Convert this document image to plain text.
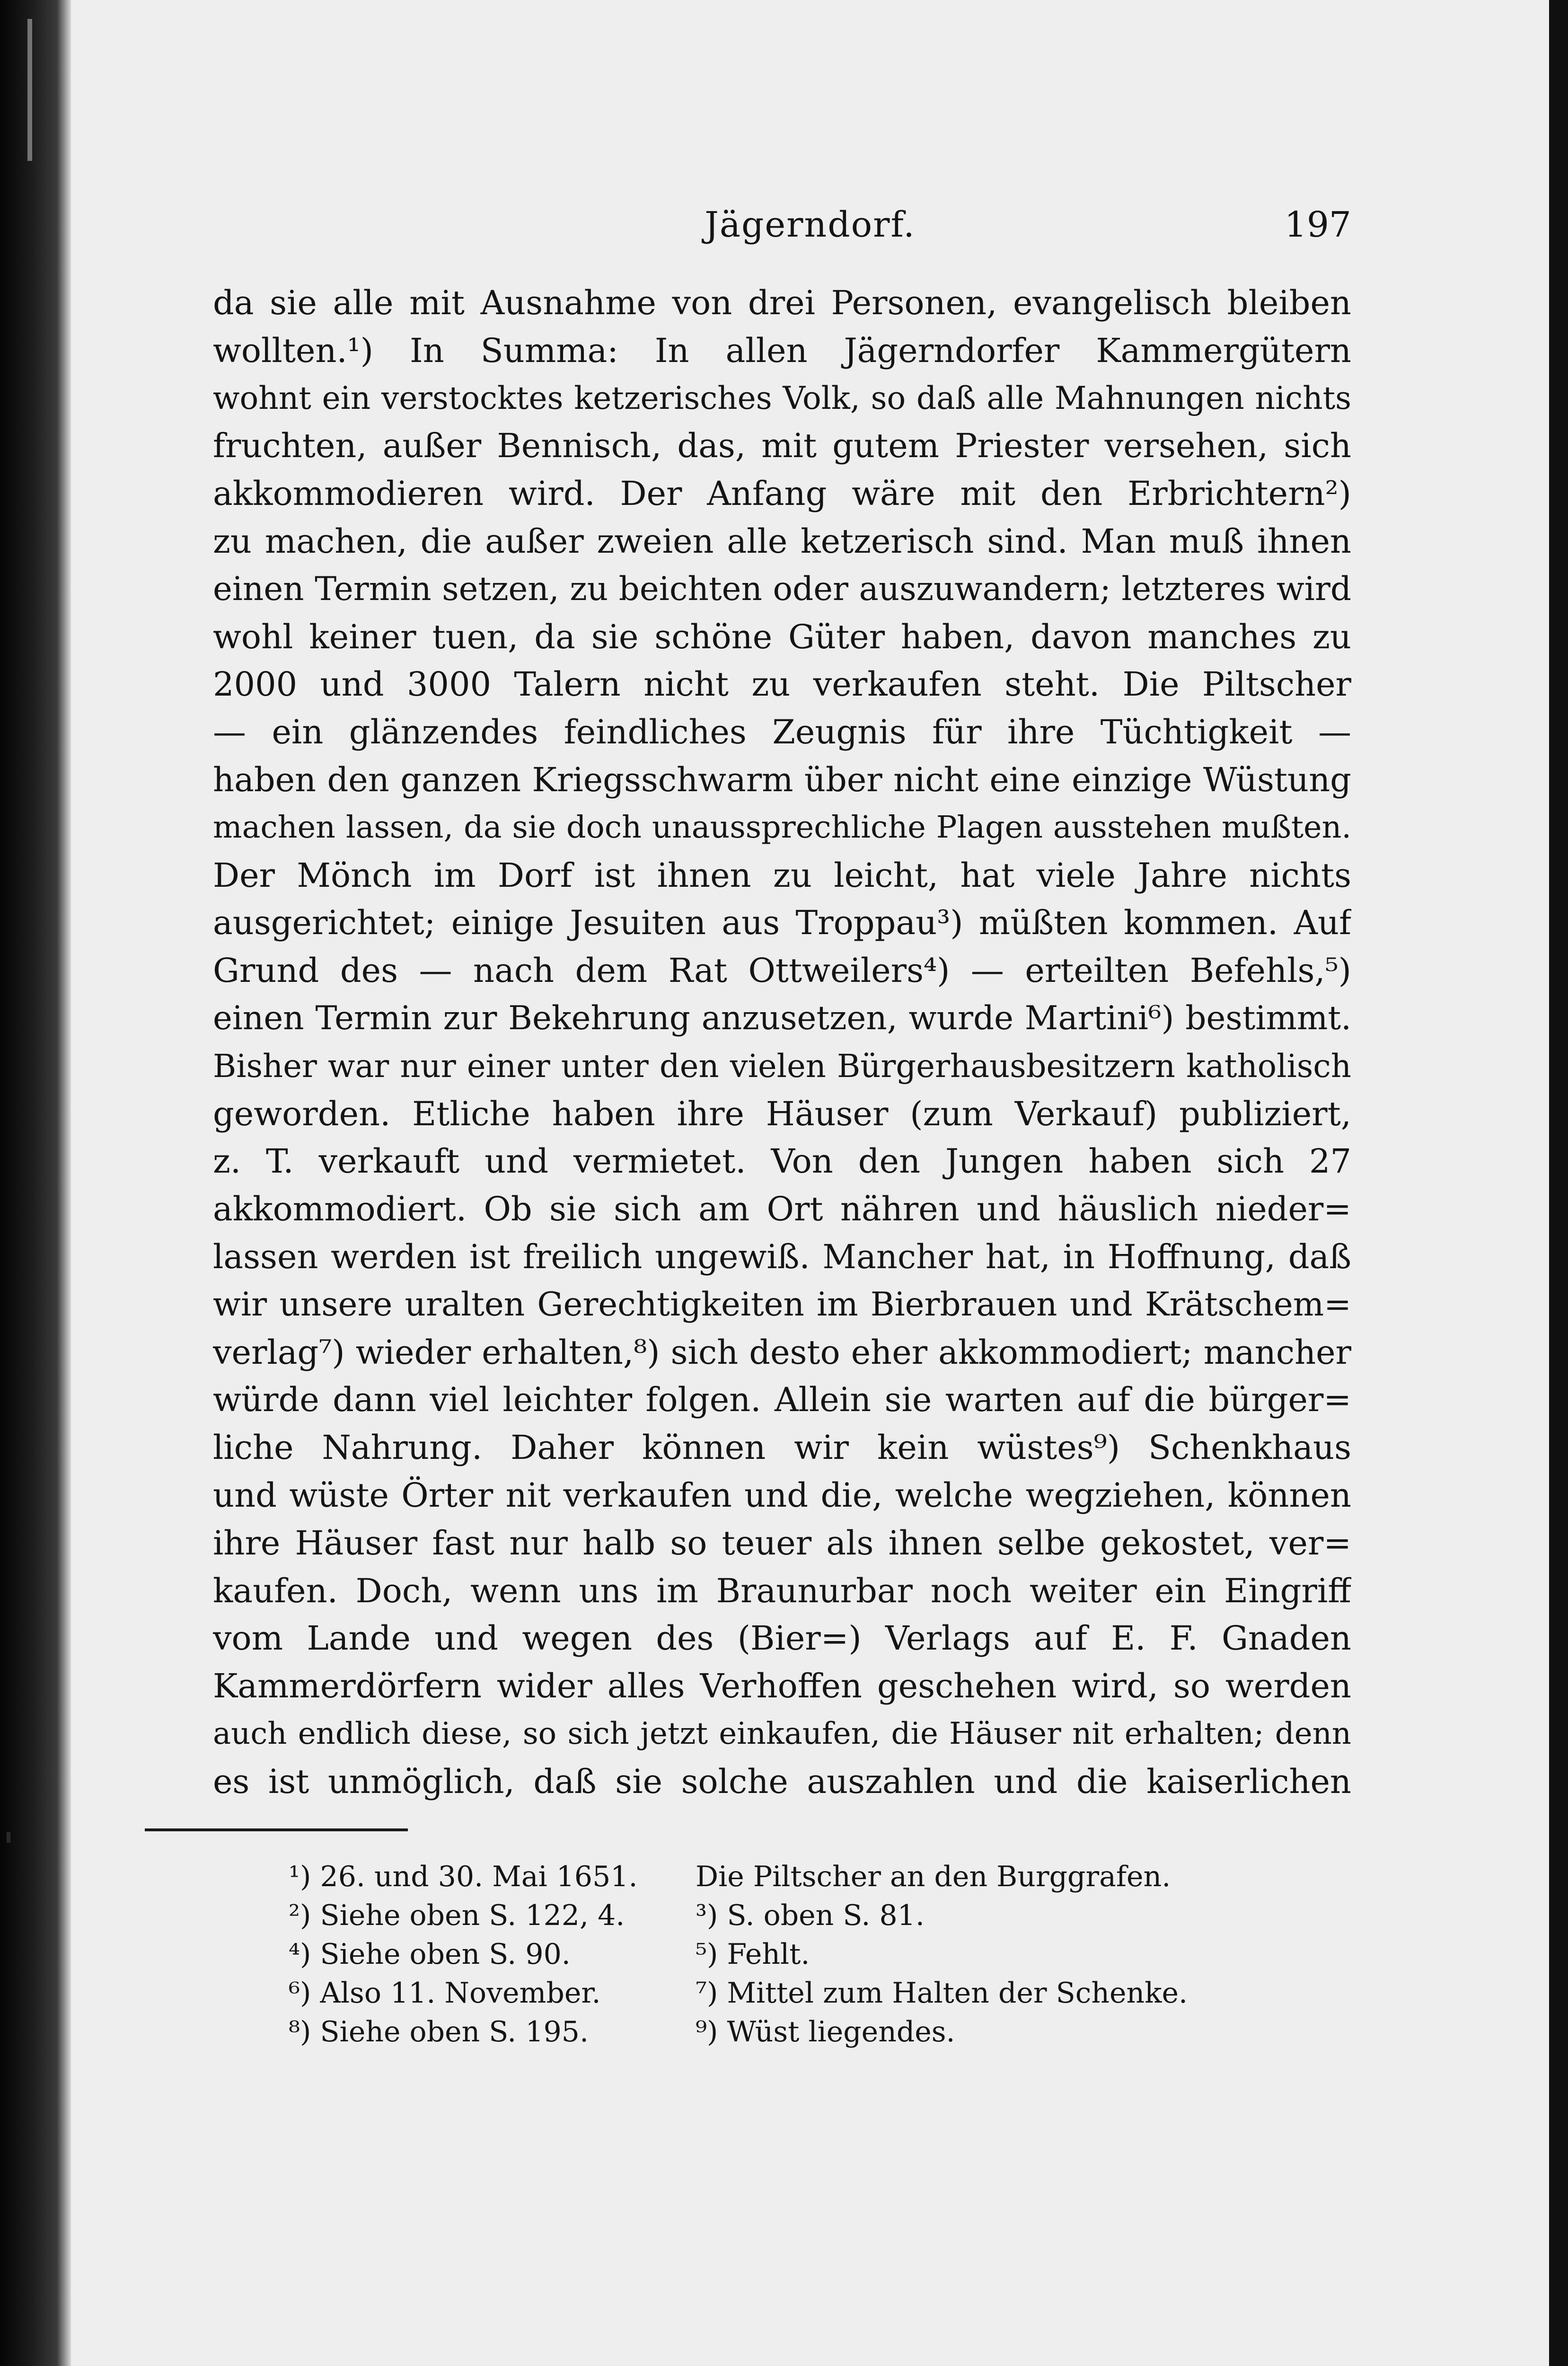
Jägerndorf.	197
da sie alle mit Ausnahme von drei Personen, evangelisch bleiben
wollten.¹) In Summa: In allen Jägerndorfer Kammergütern
wohnt ein verstocktes ketzerisches Volk, so daß alle Mahnungen nichts
fruchten, außer Bennisch, das, mit gutem Priester versehen, sich
akkommodieren wird. Der Anfang wäre mit den Erbrichtern²)
zu machen, die außer zweien alle ketzerisch sind. Man muß ihnen
einen Termin setzen, zu beichten oder auszuwandern; letzteres wird
wohl keiner tuen, da sie schöne Güter haben, davon manches zu
2000 und 3000 Talern nicht zu verkaufen steht. Die Piltscher
— ein glänzendes feindliches Zeugnis für ihre Tüchtigkeit —
haben den ganzen Kriegsschwarm über nicht eine einzige Wüstung
machen lassen, da sie doch unaussprechliche Plagen ausstehen mußten.
Der Mönch im Dorf ist ihnen zu leicht, hat viele Jahre nichts
ausgerichtet; einige Jesuiten aus Troppau³) müßten kommen. Auf
Grund des — nach dem Rat Ottweilers⁴) — erteilten Befehls,⁵)
einen Termin zur Bekehrung anzusetzen, wurde Martini⁶) bestimmt.
Bisher war nur einer unter den vielen Bürgerhausbesitzern katholisch
geworden. Etliche haben ihre Häuser (zum Verkauf) publiziert,
z. T. verkauft und vermietet. Von den Jungen haben sich 27
akkommodiert. Ob sie sich am Ort nähren und häuslich nieder=
lassen werden ist freilich ungewiß. Mancher hat, in Hoffnung, daß
wir unsere uralten Gerechtigkeiten im Bierbrauen und Krätschem=
verlag⁷) wieder erhalten,⁸) sich desto eher akkommodiert; mancher
würde dann viel leichter folgen. Allein sie warten auf die bürger=
liche Nahrung. Daher können wir kein wüstes⁹) Schenkhaus
und wüste Örter nit verkaufen und die, welche wegziehen, können
ihre Häuser fast nur halb so teuer als ihnen selbe gekostet, ver=
kaufen. Doch, wenn uns im Braunurbar noch weiter ein Eingriff
vom Lande und wegen des (Bier=) Verlags auf E. F. Gnaden
Kammerdörfern wider alles Verhoffen geschehen wird, so werden
auch endlich diese, so sich jetzt einkaufen, die Häuser nit erhalten; denn
es ist unmöglich, daß sie solche auszahlen und die kaiserlichen
¹) 26. und 30. Mai 1651. Die Piltscher an den Burggrafen.
²) Siehe oben S. 122, 4. ³) S. oben S. 81.
⁴) Siehe oben S. 90.	⁵) Fehlt.
⁶) Also 11. November.	⁷) Mittel zum Halten der Schenke.
⁸) Siehe oben S. 195.	⁹) Wüst liegendes.
